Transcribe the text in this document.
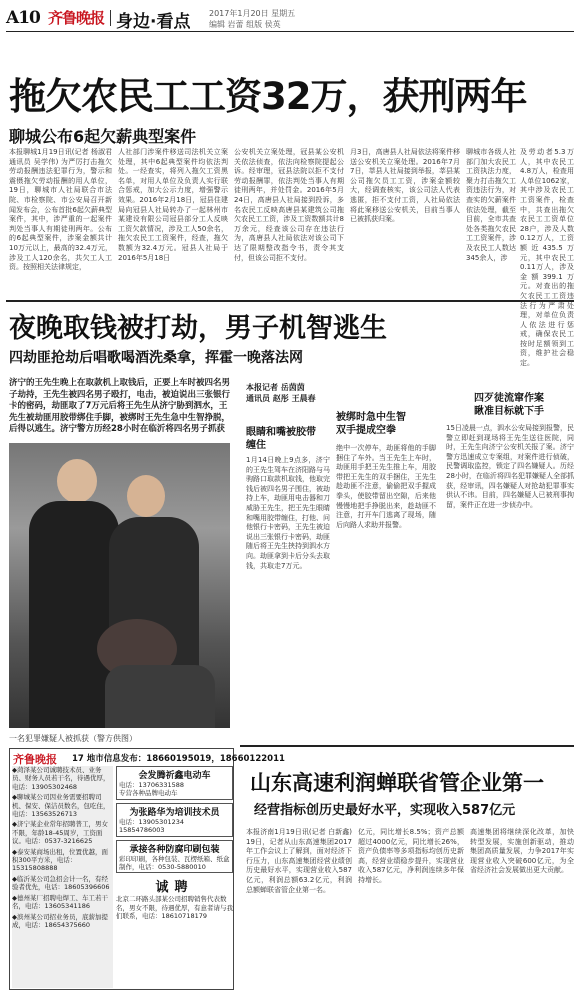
A10 齐鲁晚报 身边·看点 2017年1月20日 星期五
编辑 岩蕾 组版 侯英
拖欠农民工工资32万，获刑两年
聊城公布6起欠薪典型案件
本报聊城1月19日讯(记者 杨淑君 通讯员 吴学伟) 为严厉打击拖欠劳动报酬违法犯罪行为，警示和震慑拖欠劳动报酬的用人单位，19日，聊城市人社局联合市法院、市检察院、市公安局召开新闻发布会，公布首批6起欠薪典型案件，其中，涉严重的一起案件判处当事人有期徒刑两年。公布的6起典型案件，涉案金额共计10万元以上，最高的32.4万元，涉及工人120余名，共欠工人工资。按照相关法律规定，
人社部门涉案件移送司法机关立案处理，其中6起典型案件均依法判处。一经查实，将列入拖欠工资黑名单，对用人单位及负责人实行联合惩戒，加大公示力度，增强警示效果。2016年2月18日，冠县住建局向冠县人社局转办了一起林州市某建设有限公司冠县部分工人反映工资欠款情况，涉及工人50余名，拖欠农民工工资案件，经查，拖欠数额为32.4万元。冠县人社局于2016年5月18日
公安机关立案处理，冠县某公安机关依法侦查，依法向检察院提起公诉。经审理，冠县法院以拒不支付劳动报酬罪，依法判处当事人有期徒刑两年，并处罚金。2016年5月24日，高唐县人社局接到投诉，多名农民工反映高唐县某建筑公司拖欠农民工工资，涉及工资数额共计8万余元，经查该公司存在违法行为，高唐县人社局依法对该公司下达了限期整改指令书，责令其支付，但该公司拒不支付。
月3日，高唐县人社局依法将案件移送公安机关立案处理。2016年7月7日，莘县人社局接到举报，莘县某公司拖欠员工工资，涉案金额较大，经调查核实，该公司法人代表逃匿，拒不支付工资，人社局依法将此案移送公安机关，目前当事人已被抓获归案。
聊城市各级人社部门加大农民工工资执法力度，聚力打击拖欠工资违法行为，对查实的欠薪案件依法处理，截至目前，全市共查处各类拖欠农民工工资案件，涉及农民工人数达345余人，涉
及劳动者5.3万人，其中农民工4.8万人，检查用人单位1062家，其中涉及农民工工资案件，检查中，共查出拖欠农民工工资单位28户，涉及人数0.12万人，工资额近435.5万元，其中农民工0.11万人，涉及金额399.1万元。对查出的拖欠农民工工资违法行为严肃处理，对单位负责人依法进行惩戒，确保农民工按时足额领到工资，维护社会稳定。
夜晚取钱被打劫，男子机智逃生
四劫匪抢劫后唱歌喝酒洗桑拿，挥霍一晚落法网
济宁的王先生晚上在取款机上取钱后，正要上车时被四名男子劫持，王先生被四名男子殴打，电击，被迫说出三张银行卡的密码，劫匪取了7万元后将王先生从济宁胁到泗水，王先生被劫匪用胶带绑住手脚，被绑时王先生急中生智挣脱，后得以逃生。济宁警方历经28小时在临沂将四名男子抓获
一名犯罪嫌疑人被抓获（警方供图）
本报记者 岳茵茵
通讯员 赵彤 王晨春
眼睛和嘴被胶带缠住
1月14日晚上9点多，济宁的王先生驾车在济阳路与马驹路口取款机取钱，他取完钱后被四名男子围住，被劫持上车，劫匪用电击器和刀威胁王先生，把王先生眼睛和嘴用胶带缠住，打他、问他银行卡密码，王先生被迫说出三张银行卡密码，劫匪随后将王先生挟持到泗水方向。劫匪拿到卡后分头去取钱，共取走7万元。
被绑时急中生智
双手提成空拳
绝中一次停车，劫匪将他的手脚捆住了车外。当王先生上车时，劫匪用手把王先生推上车，用胶带把王先生的双手捆住，王先生趁劫匪不注意，偷偷把双手握成拳头，使胶带留出空隙，后来他慢慢地把手挣脱出来，趁劫匪不注意，打开车门逃离了现场，随后向路人求助并报警。
四歹徒流窜作案
瞅准目标就下手
15日凌晨一点，泗水公安局接到报警，民警立即赶到现场将王先生送往医院，同时，王先生向济宁公安机关报了案。济宁警方迅速成立专案组，对案件进行侦破，民警调取监控，锁定了四名嫌疑人。历经28小时，在临沂将四名犯罪嫌疑人全部抓获，经审讯，四名嫌疑人对抢劫犯罪事实供认不讳。目前，四名嫌疑人已被刑事拘留，案件正在进一步侦办中。
山东高速利润蝉联省管企业第一
经营指标创历史最好水平，实现收入587亿元
本报济南1月19日讯(记者 白新鑫) 19日，记者从山东高速集团2017年工作会议上了解到，面对经济下行压力，山东高速集团经营业绩创历史最好水平，实现营业收入587亿元，利润总额63.2亿元，利润总额蝉联省管企业第一名。
亿元，同比增长8.5%；资产总额超过4000亿元，同比增长26%，资产负债率等多项指标均创历史新高，经营业绩稳步提升，实现营业收入587亿元，净利润连续多年保持增长。
高速集团将继续深化改革，加快转型发展，实施创新驱动，推动集团高质量发展，力争2017年实现营业收入突破600亿元，为全省经济社会发展做出更大贡献。
齐鲁晚报 17 地市信息发布：18660195019，18660122011
◆菏泽某公司诚聘技术员、业务员、财务人员若干名，待遇优厚，电话：13905302468
◆聊城某公司因业务需要招聘司机、保安、保洁员数名，包吃住，电话：13563526713
◆济宁某企业常年招聘普工，男女不限，年龄18-45周岁，工资面议。电话：0537-3216625
◆泰安某商场出租，位置优越，面积300平方米，电话：15315808888
◆临沂某公司急招会计一名，有经验者优先，电话：18605396606
◆德州某厂招聘电焊工、车工若干名，电话：13605341186
◆滨州某公司招业务员，底薪加提成，电话：18654375660
会发腾祈鑫电动车
电话：13706331588
专营各种品牌电动车
为张路华为培训技术员
电话：13905301234 15854786003
承接各种防腐印刷包装
彩印印刷，各种包装、瓦楞纸箱、纸盒制作，电话：0530-5880010
诚聘
北京二环路头部某公司招聘销售代表数名，男女不限，待遇优厚，有意者请与我们联系，电话：18610718179
